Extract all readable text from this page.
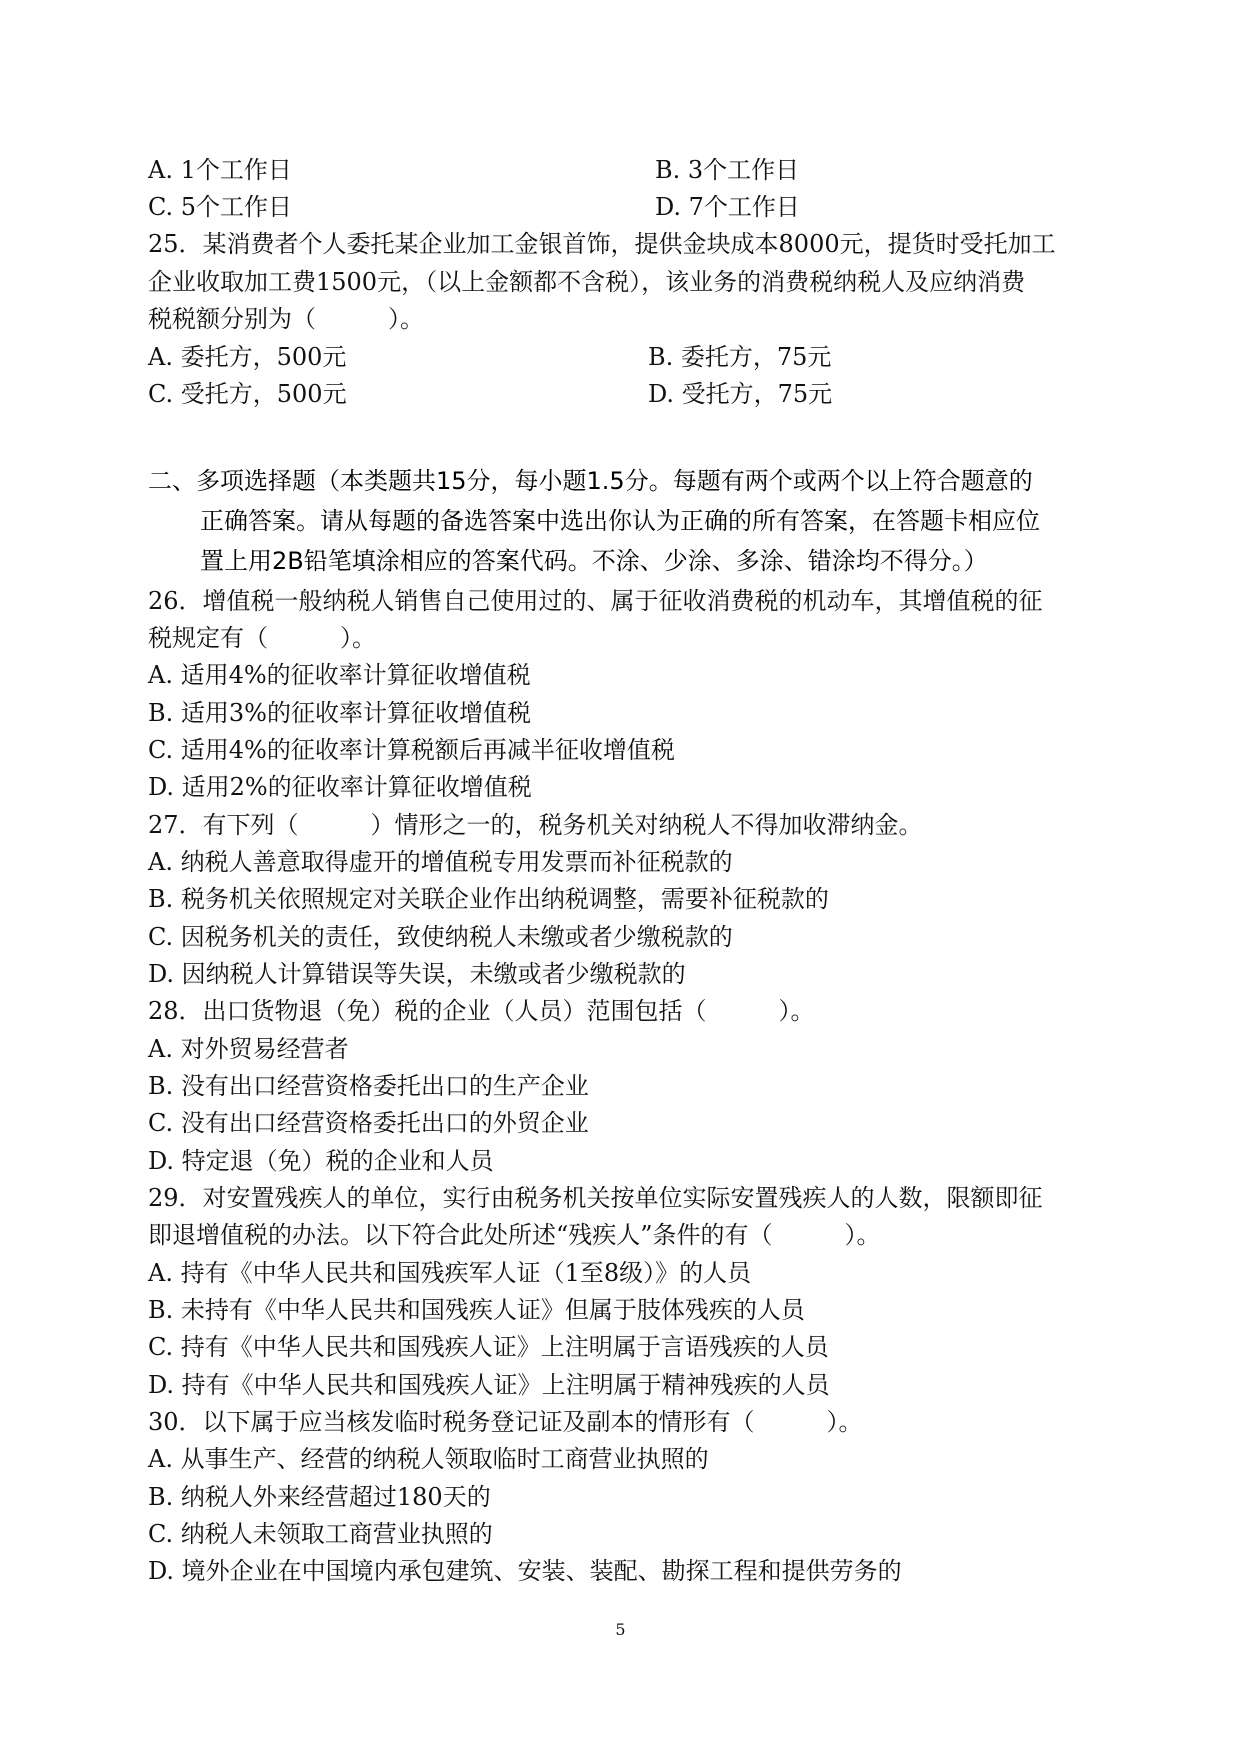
A. 1个工作日	B. 3个工作日
C. 5个工作日	D. 7个工作日
25．某消费者个人委托某企业加工金银首饰，提供金块成本8000元，提货时受托加工
企业收取加工费1500元，（以上金额都不含税），该业务的消费税纳税人及应纳消费
税税额分别为（　　　）。
A. 委托方，500元	B. 委托方，75元
C. 受托方，500元	D. 受托方，75元
二、多项选择题（本类题共15分，每小题1.5分。每题有两个或两个以上符合题意的
正确答案。请从每题的备选答案中选出你认为正确的所有答案，在答题卡相应位
置上用2B铅笔填涂相应的答案代码。不涂、少涂、多涂、错涂均不得分。）
26．增值税一般纳税人销售自己使用过的、属于征收消费税的机动车，其增值税的征
税规定有（　　　）。
A. 适用4%的征收率计算征收增值税
B. 适用3%的征收率计算征收增值税
C. 适用4%的征收率计算税额后再减半征收增值税
D. 适用2%的征收率计算征收增值税
27．有下列（　　　）情形之一的，税务机关对纳税人不得加收滞纳金。
A. 纳税人善意取得虚开的增值税专用发票而补征税款的
B. 税务机关依照规定对关联企业作出纳税调整，需要补征税款的
C. 因税务机关的责任，致使纳税人未缴或者少缴税款的
D. 因纳税人计算错误等失误，未缴或者少缴税款的
28．出口货物退（免）税的企业（人员）范围包括（　　　）。
A. 对外贸易经营者
B. 没有出口经营资格委托出口的生产企业
C. 没有出口经营资格委托出口的外贸企业
D. 特定退（免）税的企业和人员
29．对安置残疾人的单位，实行由税务机关按单位实际安置残疾人的人数，限额即征
即退增值税的办法。以下符合此处所述“残疾人”条件的有（　　　）。
A. 持有《中华人民共和国残疾军人证（1至8级）》的人员
B. 未持有《中华人民共和国残疾人证》但属于肢体残疾的人员
C. 持有《中华人民共和国残疾人证》上注明属于言语残疾的人员
D. 持有《中华人民共和国残疾人证》上注明属于精神残疾的人员
30．以下属于应当核发临时税务登记证及副本的情形有（　　　）。
A. 从事生产、经营的纳税人领取临时工商营业执照的
B. 纳税人外来经营超过180天的
C. 纳税人未领取工商营业执照的
D. 境外企业在中国境内承包建筑、安装、装配、勘探工程和提供劳务的
5
